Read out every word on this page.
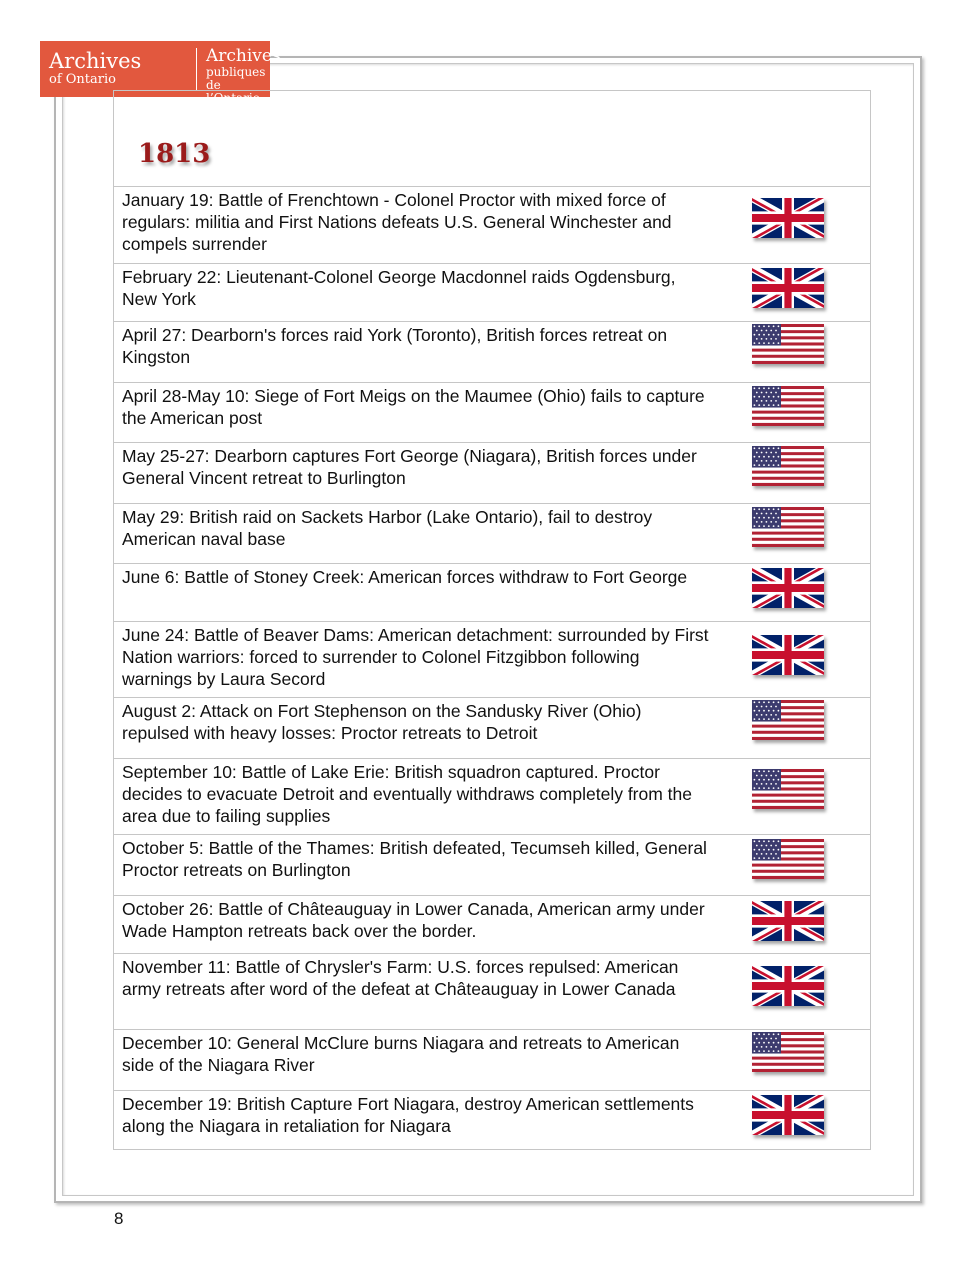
Archives
of Ontario
Archives
publiques
de l’Ontario
1813
January 19: Battle of Frenchtown - Colonel Proctor with mixed force of regulars: militia and First Nations defeats U.S. General Winchester and compels surrender
February 22: Lieutenant-Colonel George Macdonnel raids Ogdensburg, New York
April 27: Dearborn's forces raid York (Toronto), British forces retreat on Kingston
April 28-May 10: Siege of Fort Meigs on the Maumee (Ohio) fails to capture the American post
May 25-27: Dearborn captures Fort George (Niagara), British forces under General Vincent retreat to Burlington
May 29: British raid on Sackets Harbor (Lake Ontario), fail to destroy American naval base
June 6: Battle of Stoney Creek: American forces withdraw to Fort George
June 24: Battle of Beaver Dams: American detachment: surrounded by First Nation warriors: forced to surrender to Colonel Fitzgibbon following warnings by Laura Secord
August 2: Attack on Fort Stephenson on the Sandusky River (Ohio) repulsed with heavy losses: Proctor retreats to Detroit
September 10: Battle of Lake Erie: British squadron captured. Proctor decides to evacuate Detroit and eventually withdraws completely from the area due to failing supplies
October 5: Battle of the Thames: British defeated, Tecumseh killed, General Proctor retreats on Burlington
October 26: Battle of Châteauguay in Lower Canada, American army under Wade Hampton retreats back over the border.
November 11: Battle of Chrysler's Farm: U.S. forces repulsed: American army retreats after word of the defeat at Châteauguay in Lower Canada
December 10: General McClure burns Niagara and retreats to American side of the Niagara River
December 19: British Capture Fort Niagara, destroy American settlements along the Niagara in retaliation for Niagara
8
